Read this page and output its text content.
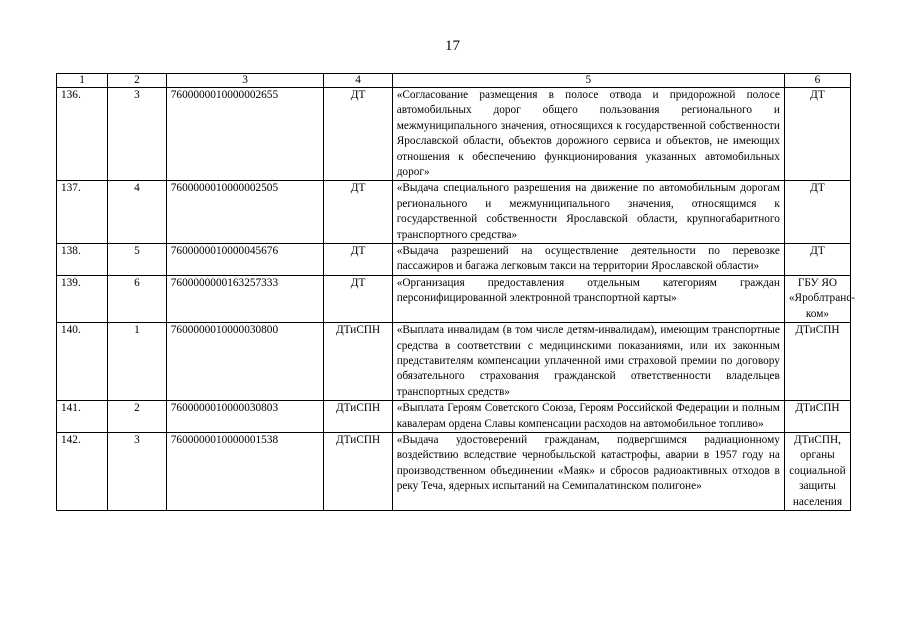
17
1	2	3	4	5	6
136.	3	7600000010000002655	ДТ	«Согласование размещения в полосе отвода и придорожной полосе автомобильных дорог общего пользования регионального и межмуниципального значения, относящихся к государственной собственности Ярославской области, объектов дорожного сервиса и объектов, не имеющих отношения к обеспечению функционирования указанных автомобильных дорог»	ДТ
137.	4	7600000010000002505	ДТ	«Выдача специального разрешения на движение по автомобильным дорогам регионального и межмуниципального значения, относящимся к государственной собственности Ярославской области, крупногабаритного транспортного средства»	ДТ
138.	5	7600000010000045676	ДТ	«Выдача разрешений на осуществление деятельности по перевозке пассажиров и багажа легковым такси на территории Ярославской области»	ДТ
139.	6	7600000000163257333	ДТ	«Организация предоставления отдельным категориям граждан персонифицированной электронной транспортной карты»	ГБУ ЯО «Яроблтранс-ком»
140.	1	7600000010000030800	ДТиСПН	«Выплата инвалидам (в том числе детям-инвалидам), имеющим транспортные средства в соответствии с медицинскими показаниями, или их законным представителям компенсации уплаченной ими страховой премии по договору обязательного страхования гражданской ответственности владельцев транспортных средств»	ДТиСПН
141.	2	7600000010000030803	ДТиСПН	«Выплата Героям Советского Союза, Героям Российской Федерации и полным кавалерам ордена Славы компенсации расходов на автомобильное топливо»	ДТиСПН
142.	3	7600000010000001538	ДТиСПН	«Выдача удостоверений гражданам, подвергшимся радиационному воздействию вследствие чернобыльской катастрофы, аварии в 1957 году на производственном объединении «Маяк» и сбросов радиоактивных отходов в реку Теча, ядерных испытаний на Семипалатинском полигоне»	ДТиСПН, органы социальной защиты населения
